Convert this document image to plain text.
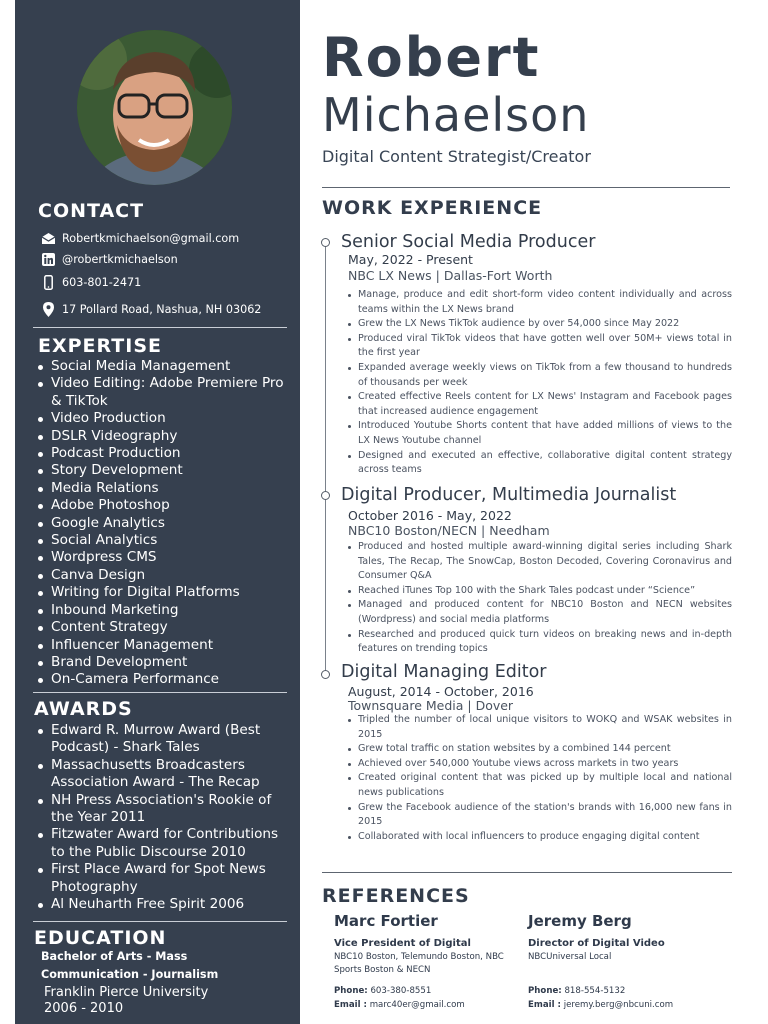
CONTACT
Robertkmichaelson@gmail.com
@robertkmichaelson
603-801-2471
17 Pollard Road, Nashua, NH 03062
EXPERTISE
Social Media Management
Video Editing: Adobe Premiere Pro & TikTok
Video Production
DSLR Videography
Podcast Production
Story Development
Media Relations
Adobe Photoshop
Google Analytics
Social Analytics
Wordpress CMS
Canva Design
Writing for Digital Platforms
Inbound Marketing
Content Strategy
Influencer Management
Brand Development
On-Camera Performance
AWARDS
Edward R. Murrow Award (Best Podcast) - Shark Tales
Massachusetts Broadcasters Association Award - The Recap
NH Press Association's Rookie of the Year 2011
Fitzwater Award for Contributions to the Public Discourse 2010
First Place Award for Spot News Photography
Al Neuharth Free Spirit 2006
EDUCATION
Bachelor of Arts - Mass Communication - Journalism
Franklin Pierce University
2006 - 2010
Robert
Michaelson
Digital Content Strategist/Creator
WORK EXPERIENCE
Senior Social Media Producer
May, 2022 - Present
NBC LX News | Dallas-Fort Worth
Manage, produce and edit short-form video content individually and across teams within the LX News brand
Grew the LX News TikTok audience by over 54,000 since May 2022
Produced viral TikTok videos that have gotten well over 50M+ views total in the first year
Expanded average weekly views on TikTok from a few thousand to hundreds of thousands per week
Created effective Reels content for LX News' Instagram and Facebook pages that increased audience engagement
Introduced Youtube Shorts content that have added millions of views to the LX News Youtube channel
Designed and executed an effective, collaborative digital content strategy across teams
Digital Producer, Multimedia Journalist
October 2016 - May, 2022
NBC10 Boston/NECN | Needham
Produced and hosted multiple award-winning digital series including Shark Tales, The Recap, The SnowCap, Boston Decoded, Covering Coronavirus and Consumer Q&A
Reached iTunes Top 100 with the Shark Tales podcast under “Science”
Managed and produced content for NBC10 Boston and NECN websites (Wordpress) and social media platforms
Researched and produced quick turn videos on breaking news and in-depth features on trending topics
Digital Managing Editor
August, 2014 - October, 2016
Townsquare Media | Dover
Tripled the number of local unique visitors to WOKQ and WSAK websites in 2015
Grew total traffic on station websites by a combined 144 percent
Achieved over 540,000 Youtube views across markets in two years
Created original content that was picked up by multiple local and national news publications
Grew the Facebook audience of the station's brands with 16,000 new fans in 2015
Collaborated with local influencers to produce engaging digital content
REFERENCES
Marc Fortier
Vice President of Digital
NBC10 Boston, Telemundo Boston, NBC Sports Boston & NECN
Phone: 603-380-8551
Email : marc40er@gmail.com
Jeremy Berg
Director of Digital Video
NBCUniversal Local
Phone: 818-554-5132
Email : jeremy.berg@nbcuni.com
